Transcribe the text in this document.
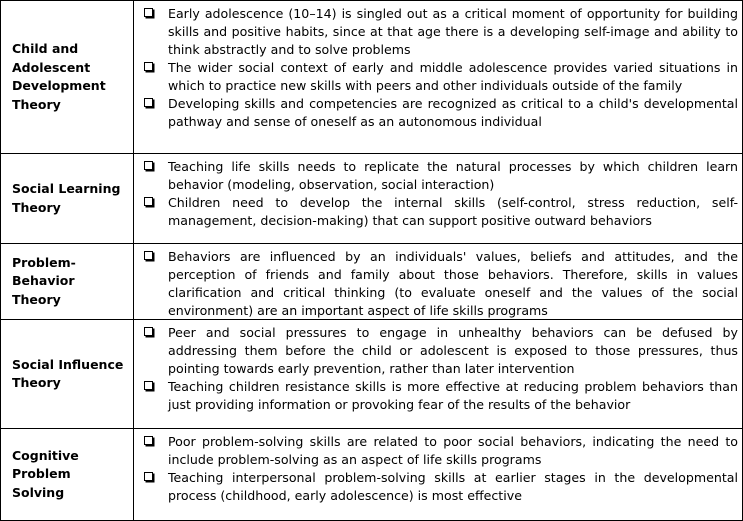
Child and Adolescent Development Theory
Early adolescence (10–14) is singled out as a critical moment of opportunity for building skills and positive habits, since at that age there is a developing self-image and ability to think abstractly and to solve problems
The wider social context of early and middle adolescence provides varied situations in which to practice new skills with peers and other individuals outside of the family
Developing skills and competencies are recognized as critical to a child's developmental pathway and sense of oneself as an autonomous individual
Social Learning Theory
Teaching life skills needs to replicate the natural processes by which children learn behavior (modeling, observation, social interaction)
Children need to develop the internal skills (self-control, stress reduction, self-management, decision-making) that can support positive outward behaviors
Problem-Behavior Theory
Behaviors are influenced by an individuals' values, beliefs and attitudes, and the perception of friends and family about those behaviors. Therefore, skills in values clarification and critical thinking (to evaluate oneself and the values of the social environment) are an important aspect of life skills programs
Social Influence Theory
Peer and social pressures to engage in unhealthy behaviors can be defused by addressing them before the child or adolescent is exposed to those pressures, thus pointing towards early prevention, rather than later intervention
Teaching children resistance skills is more effective at reducing problem behaviors than just providing information or provoking fear of the results of the behavior
Cognitive Problem Solving
Poor problem-solving skills are related to poor social behaviors, indicating the need to include problem-solving as an aspect of life skills programs
Teaching interpersonal problem-solving skills at earlier stages in the developmental process (childhood, early adolescence) is most effective
